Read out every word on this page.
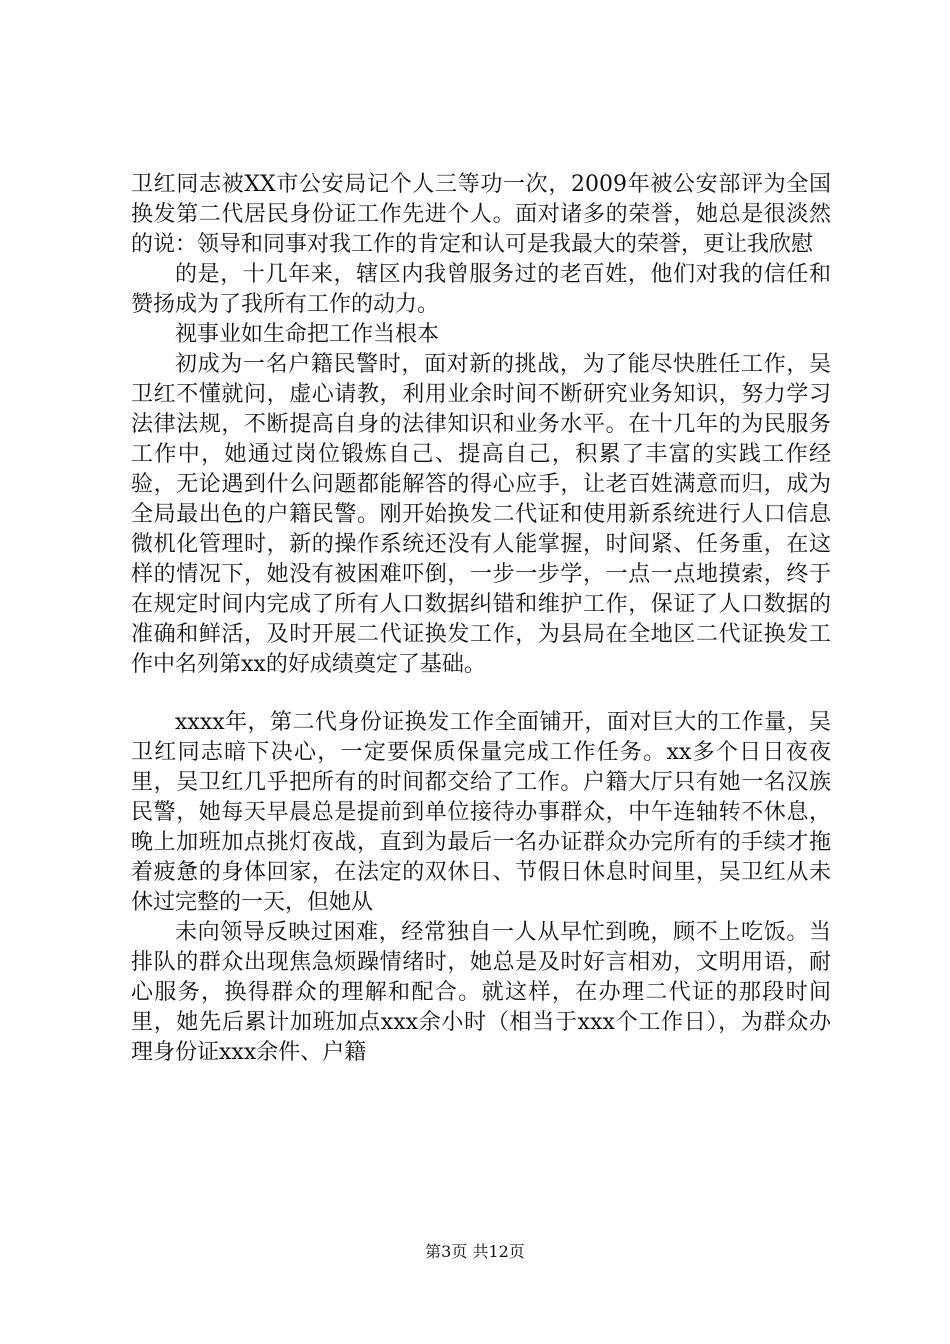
卫红同志被XX市公安局记个人三等功一次，2009年被公安部评为全国换发第二代居民身份证工作先进个人。面对诸多的荣誉，她总是很淡然的说：领导和同事对我工作的肯定和认可是我最大的荣誉，更让我欣慰

的是，十几年来，辖区内我曾服务过的老百姓，他们对我的信任和赞扬成为了我所有工作的动力。

视事业如生命把工作当根本

初成为一名户籍民警时，面对新的挑战，为了能尽快胜任工作，吴卫红不懂就问，虚心请教，利用业余时间不断研究业务知识，努力学习法律法规，不断提高自身的法律知识和业务水平。在十几年的为民服务工作中，她通过岗位锻炼自己、提高自己，积累了丰富的实践工作经验，无论遇到什么问题都能解答的得心应手，让老百姓满意而归，成为全局最出色的户籍民警。刚开始换发二代证和使用新系统进行人口信息微机化管理时，新的操作系统还没有人能掌握，时间紧、任务重，在这样的情况下，她没有被困难吓倒，一步一步学，一点一点地摸索，终于在规定时间内完成了所有人口数据纠错和维护工作，保证了人口数据的准确和鲜活，及时开展二代证换发工作，为县局在全地区二代证换发工作中名列第xx的好成绩奠定了基础。

xxxx年，第二代身份证换发工作全面铺开，面对巨大的工作量，吴卫红同志暗下决心，一定要保质保量完成工作任务。xx多个日日夜夜里，吴卫红几乎把所有的时间都交给了工作。户籍大厅只有她一名汉族民警，她每天早晨总是提前到单位接待办事群众，中午连轴转不休息，晚上加班加点挑灯夜战，直到为最后一名办证群众办完所有的手续才拖着疲惫的身体回家，在法定的双休日、节假日休息时间里，吴卫红从未休过完整的一天，但她从

未向领导反映过困难，经常独自一人从早忙到晚，顾不上吃饭。当排队的群众出现焦急烦躁情绪时，她总是及时好言相劝，文明用语，耐心服务，换得群众的理解和配合。就这样，在办理二代证的那段时间里，她先后累计加班加点xxx余小时（相当于xxx个工作日），为群众办理身份证xxx余件、户籍

第3页 共12页
